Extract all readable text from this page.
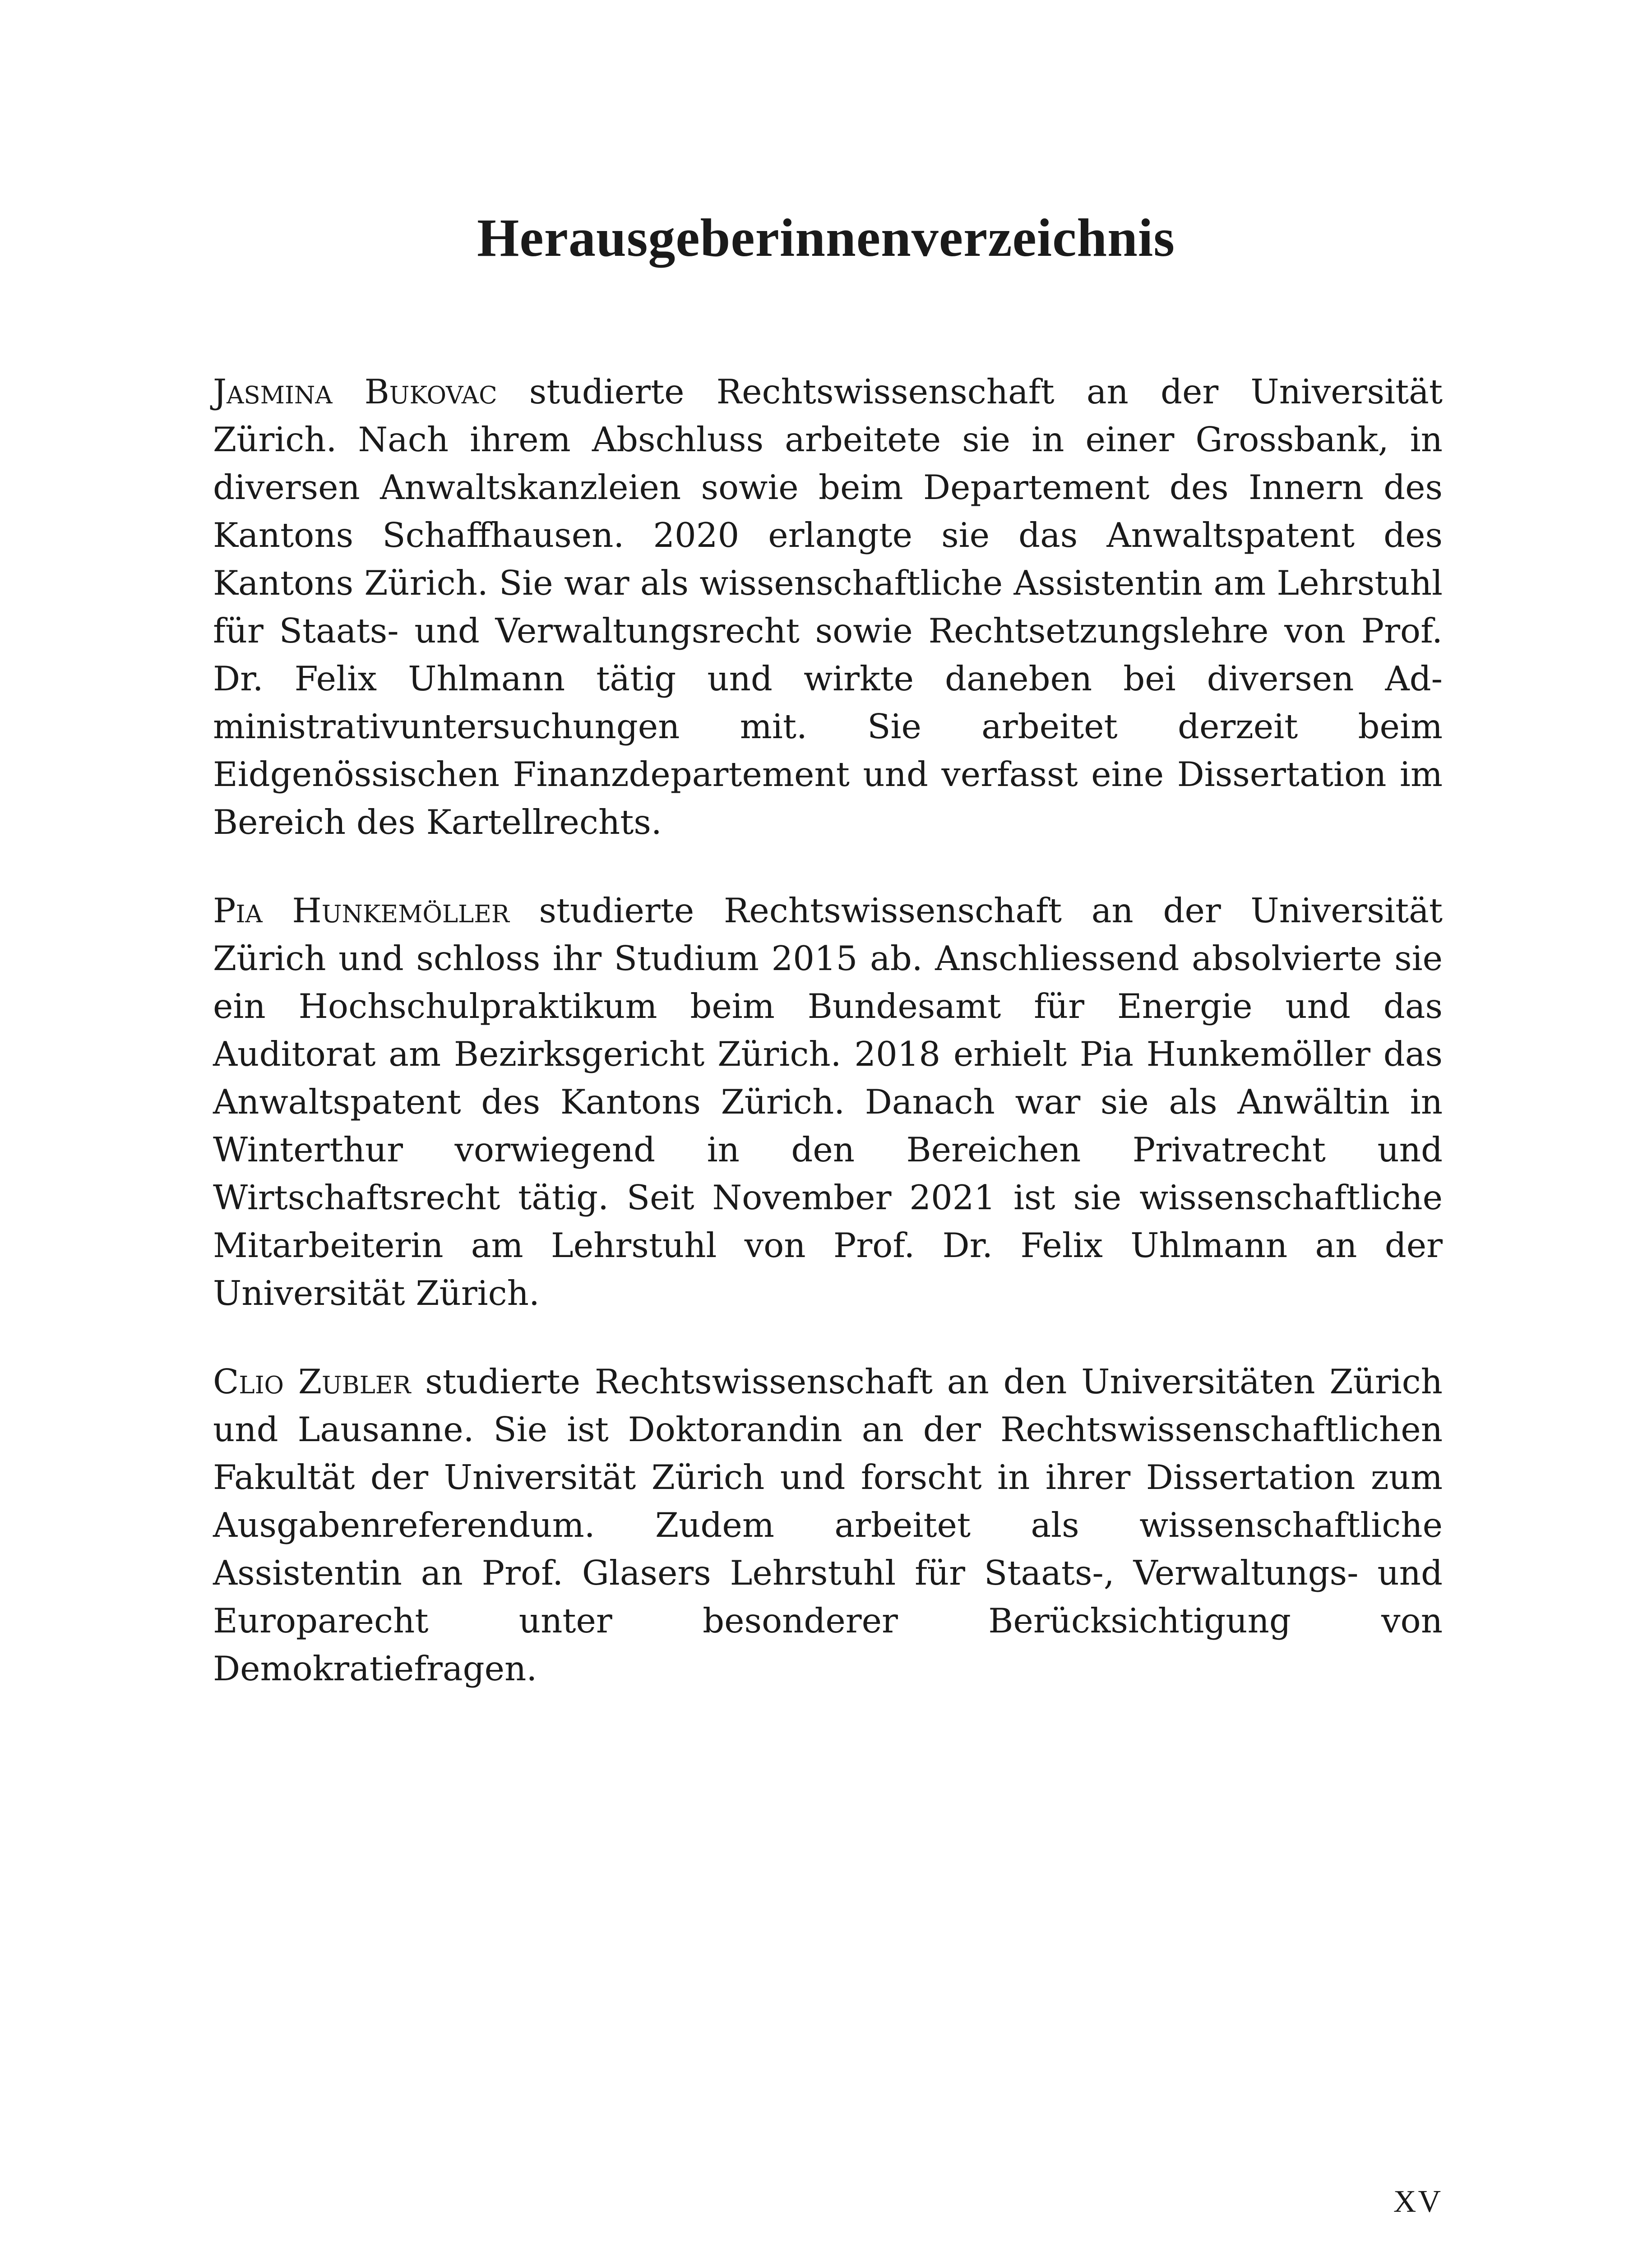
Herausgeberinnenverzeichnis

Jasmina Bukovac studierte Rechtswissenschaft an der Universität Zürich. Nach ihrem Abschluss arbeitete sie in einer Grossbank, in diversen Anwaltskanzleien sowie beim Departement des Innern des Kantons Schaffhausen. 2020 erlangte sie das Anwaltspatent des Kantons Zürich. Sie war als wissenschaftliche Assistentin am Lehrstuhl für Staats- und Verwaltungsrecht sowie Rechtsetzungslehre von Prof. Dr. Felix Uhlmann tätig und wirkte daneben bei diversen Administrativuntersuchungen mit. Sie arbeitet derzeit beim Eidgenössischen Finanzdepartement und verfasst eine Dissertation im Bereich des Kartellrechts.

Pia Hunkemöller studierte Rechtswissenschaft an der Universität Zürich und schloss ihr Studium 2015 ab. Anschliessend absolvierte sie ein Hochschulpraktikum beim Bundesamt für Energie und das Auditorat am Bezirksgericht Zürich. 2018 erhielt Pia Hunkemöller das Anwaltspatent des Kantons Zürich. Danach war sie als Anwältin in Winterthur vorwiegend in den Bereichen Privatrecht und Wirtschaftsrecht tätig. Seit November 2021 ist sie wissenschaftliche Mitarbeiterin am Lehrstuhl von Prof. Dr. Felix Uhlmann an der Universität Zürich.

Clio Zubler studierte Rechtswissenschaft an den Universitäten Zürich und Lausanne. Sie ist Doktorandin an der Rechtswissenschaftlichen Fakultät der Universität Zürich und forscht in ihrer Dissertation zum Ausgabenreferendum. Zudem arbeitet als wissenschaftliche Assistentin an Prof. Glasers Lehrstuhl für Staats-, Verwaltungs- und Europarecht unter besonderer Berücksichtigung von Demokratiefragen.

XV
